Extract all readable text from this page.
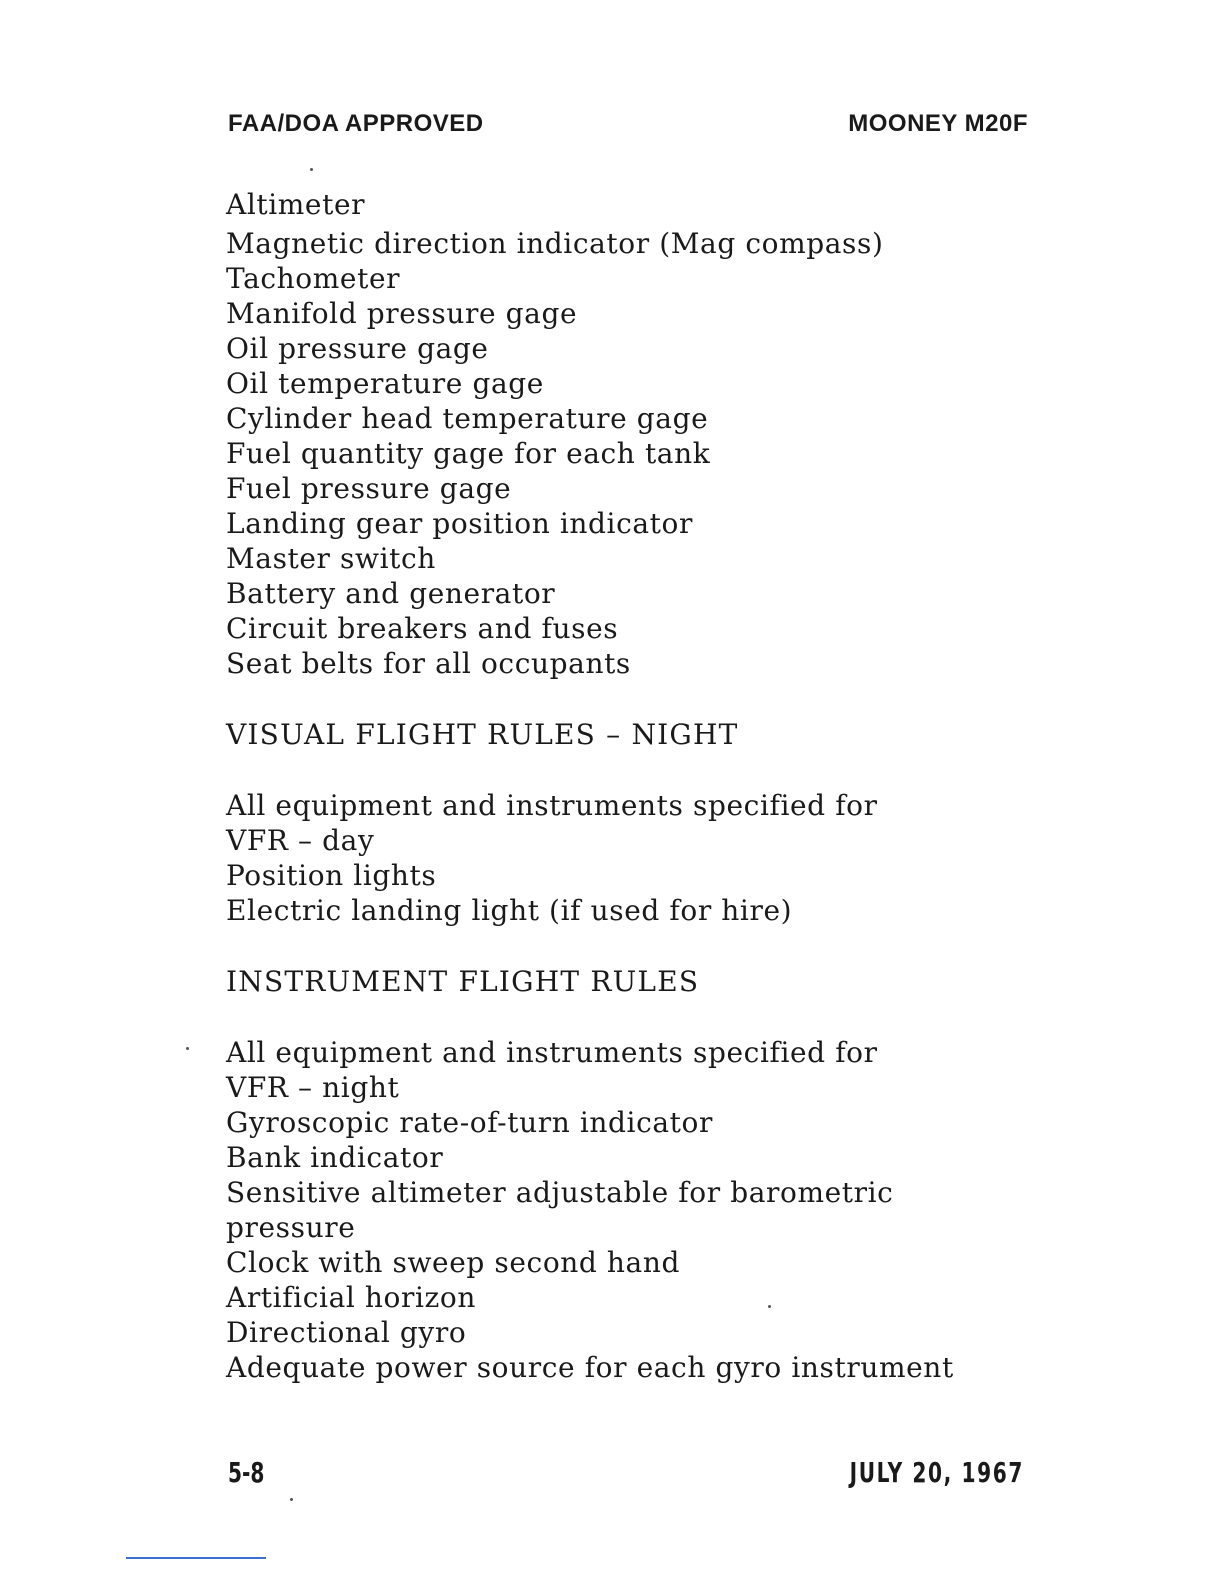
FAA/DOA APPROVED	MOONEY M20F
Altimeter
Magnetic direction indicator (Mag compass)
Tachometer
Manifold pressure gage
Oil pressure gage
Oil temperature gage
Cylinder head temperature gage
Fuel quantity gage for each tank
Fuel pressure gage
Landing gear position indicator
Master switch
Battery and generator
Circuit breakers and fuses
Seat belts for all occupants
VISUAL FLIGHT RULES – NIGHT
All equipment and instruments specified for
VFR – day
Position lights
Electric landing light (if used for hire)
INSTRUMENT FLIGHT RULES
All equipment and instruments specified for
VFR – night
Gyroscopic rate-of-turn indicator
Bank indicator
Sensitive altimeter adjustable for barometric
pressure
Clock with sweep second hand
Artificial horizon
Directional gyro
Adequate power source for each gyro instrument
5-8	JULY 20, 1967
